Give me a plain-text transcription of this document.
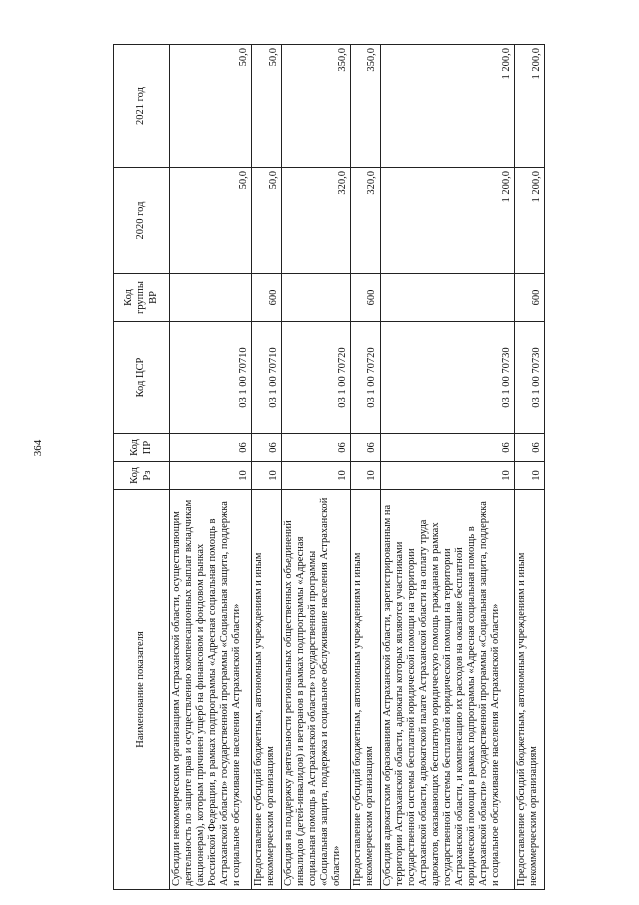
364
Наименование показателя	Код Рз	Код ПР	Код ЦСР	Код группы ВР	2020 год	2021 год
Субсидии некоммерческим организациям Астраханской области, осуществляющим деятельность по защите прав и осуществлению компенсационных выплат вкладчикам (акционерам), которым причинен ущерб на финансовом и фондовом рынках Российской Федерации, в рамках подпрограммы «Адресная социальная помощь в Астраханской области» государственной программы «Социальная защита, поддержка и социальное обслуживание населения Астраханской области»	10	06	03 1 00 70710		50,0	50,0
Предоставление субсидий бюджетным, автономным учреждениям и иным некоммерческим организациям	10	06	03 1 00 70710	600	50,0	50,0
Субсидия на поддержку деятельности региональных общественных объединений инвалидов (детей-инвалидов) и ветеранов в рамках подпрограммы «Адресная социальная помощь в Астраханской области» государственной программы «Социальная защита, поддержка и социальное обслуживание населения Астраханской области»	10	06	03 1 00 70720		320,0	350,0
Предоставление субсидий бюджетным, автономным учреждениям и иным некоммерческим организациям	10	06	03 1 00 70720	600	320,0	350,0
Субсидия адвокатским образованиям Астраханской области, зарегистрированным на территории Астраханской области, адвокаты которых являются участниками государственной системы бесплатной юридической помощи на территории Астраханской области, адвокатской палате Астраханской области на оплату труда адвокатов, оказывающих бесплатную юридическую помощь гражданам в рамках государственной системы бесплатной юридической помощи на территории Астраханской области, и компенсацию их расходов на оказание бесплатной юридической помощи в рамках подпрограммы «Адресная социальная помощь в Астраханской области» государственной программы «Социальная защита, поддержка и социальное обслуживание населения Астраханской области»	10	06	03 1 00 70730		1 200,0	1 200,0
Предоставление субсидий бюджетным, автономным учреждениям и иным некоммерческим организациям	10	06	03 1 00 70730	600	1 200,0	1 200,0
